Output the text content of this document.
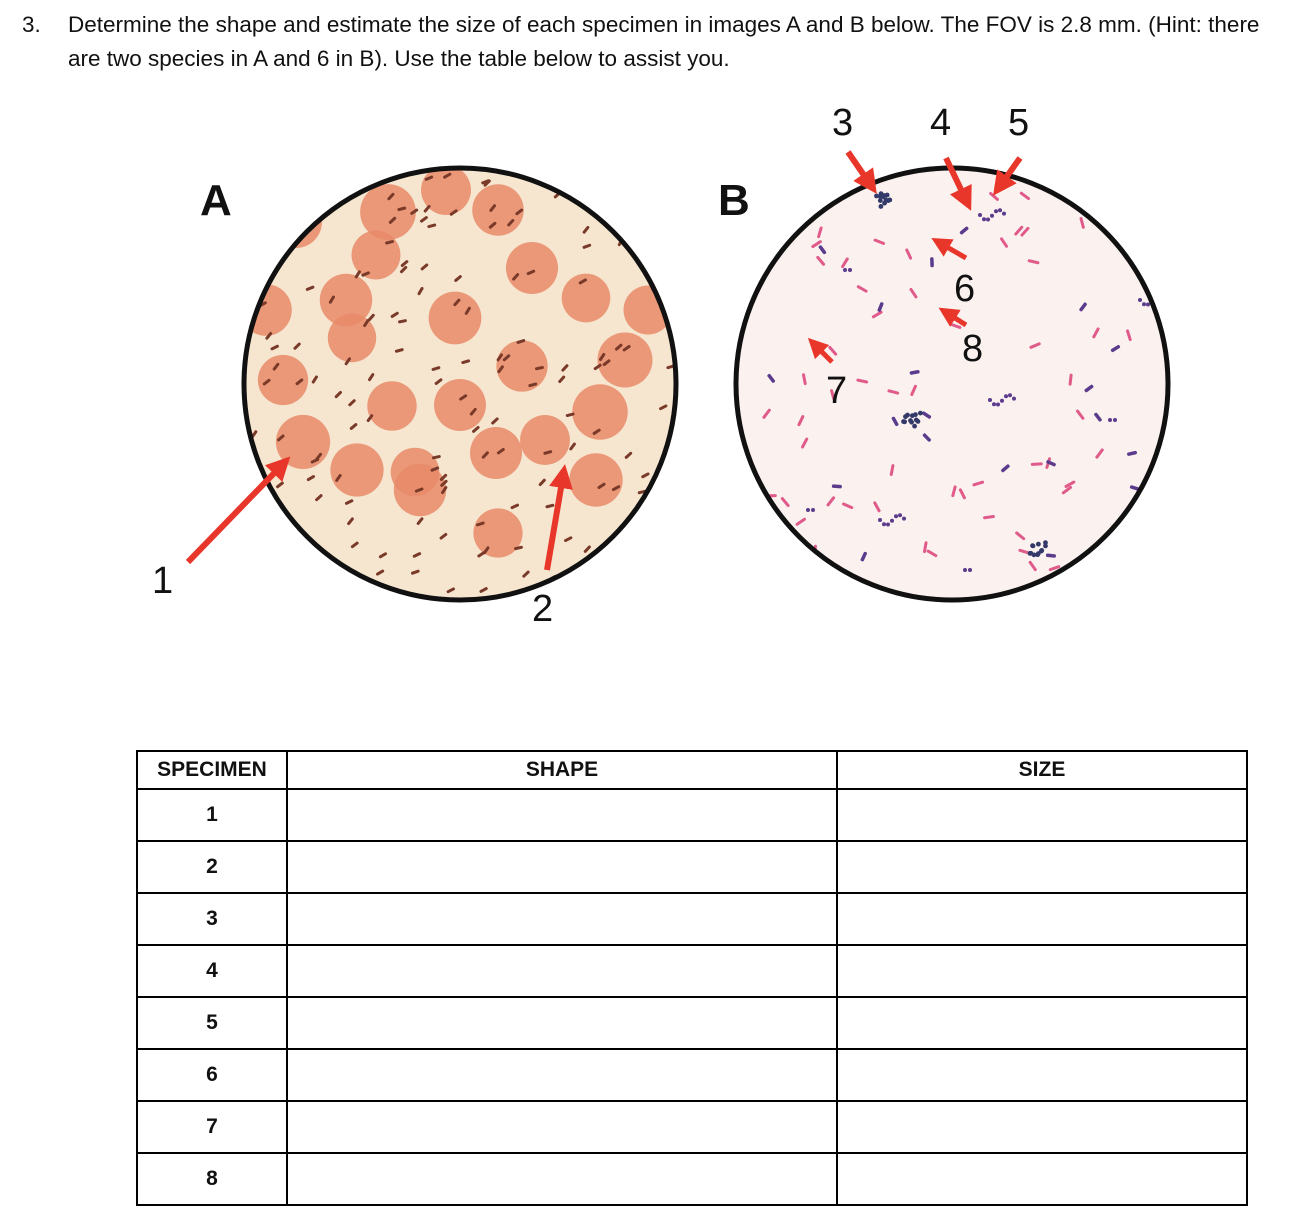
3. Determine the shape and estimate the size of each specimen in images A and B below. The FOV is 2.8 mm. (Hint: there are two species in A and 6 in B). Use the table below to assist you.
A	B
1
2
3 4 5
6
7
8
SPECIMEN	SHAPE	SIZE
1		
2		
3		
4		
5		
6		
7		
8		
